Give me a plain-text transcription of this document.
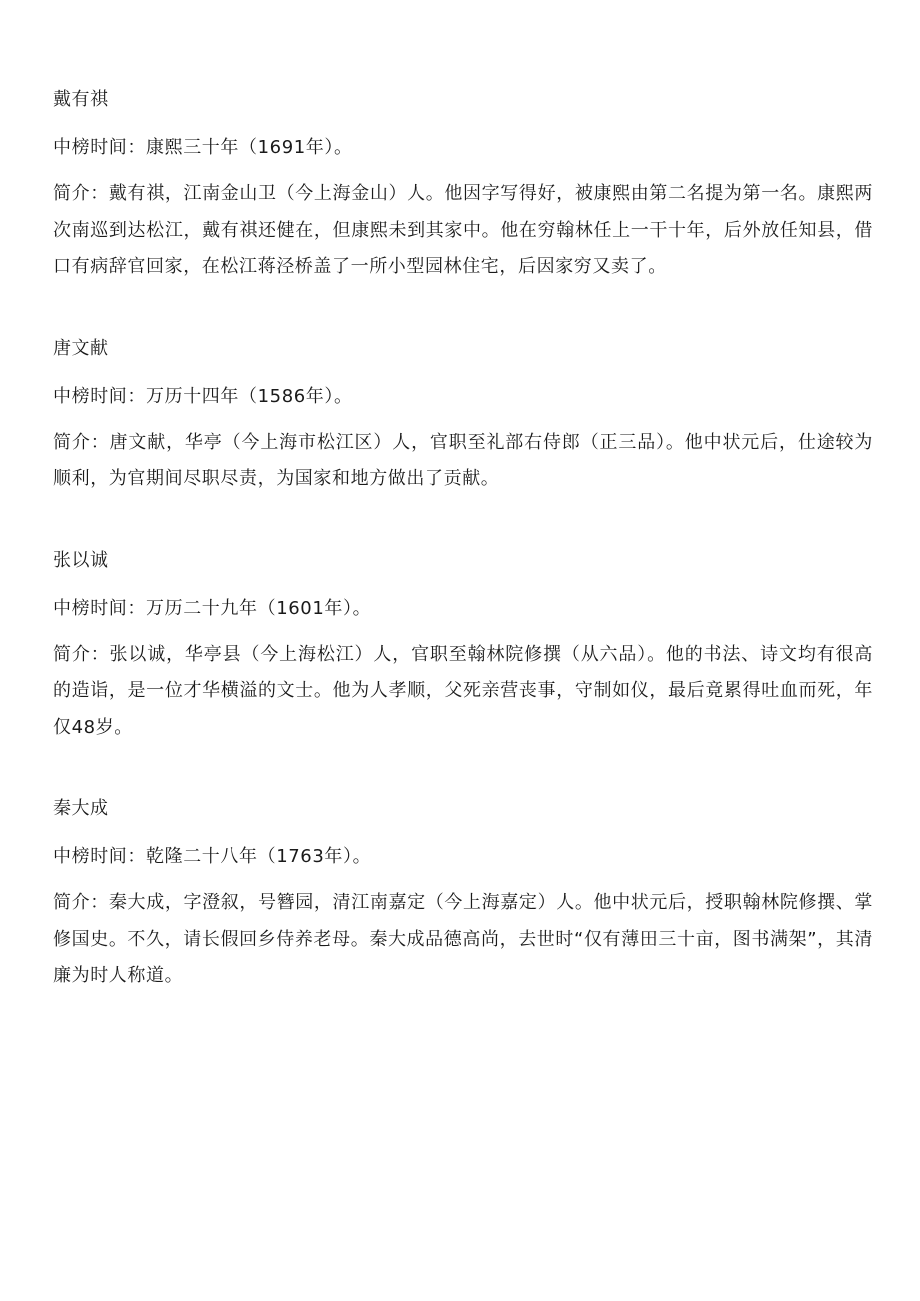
戴有祺

中榜时间：康熙三十年（1691年）。

简介：戴有祺，江南金山卫（今上海金山）人。他因字写得好，被康熙由第二名提为第一名。康熙两次南巡到达松江，戴有祺还健在，但康熙未到其家中。他在穷翰林任上一干十年，后外放任知县，借口有病辞官回家，在松江蒋泾桥盖了一所小型园林住宅，后因家穷又卖了。

唐文献

中榜时间：万历十四年（1586年）。

简介：唐文献，华亭（今上海市松江区）人，官职至礼部右侍郎（正三品）。他中状元后，仕途较为顺利，为官期间尽职尽责，为国家和地方做出了贡献。

张以诚

中榜时间：万历二十九年（1601年）。

简介：张以诚，华亭县（今上海松江）人，官职至翰林院修撰（从六品）。他的书法、诗文均有很高的造诣，是一位才华横溢的文士。他为人孝顺，父死亲营丧事，守制如仪，最后竟累得吐血而死，年仅48岁。

秦大成

中榜时间：乾隆二十八年（1763年）。

简介：秦大成，字澄叙，号簪园，清江南嘉定（今上海嘉定）人。他中状元后，授职翰林院修撰、掌修国史。不久，请长假回乡侍养老母。秦大成品德高尚，去世时“仅有薄田三十亩，图书满架”，其清廉为时人称道。
